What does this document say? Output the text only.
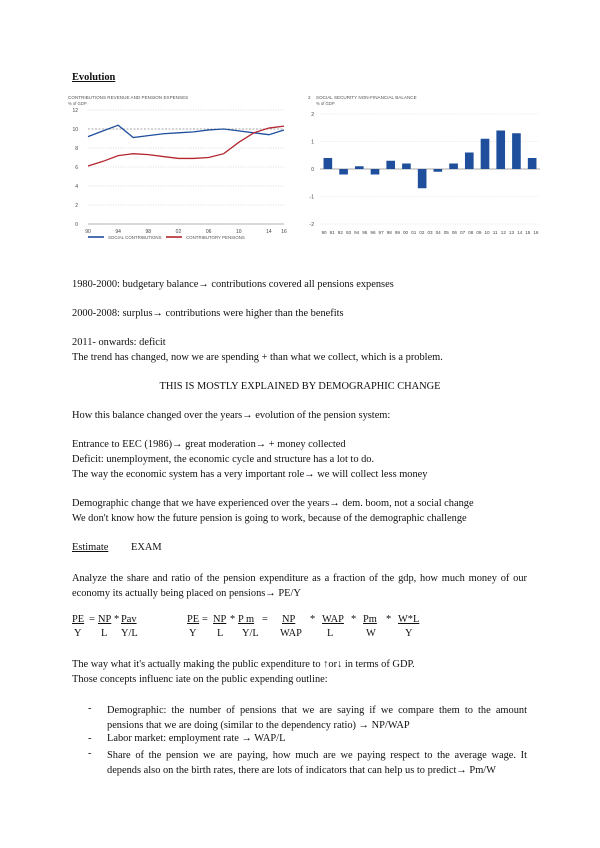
Evolution
CONTRIBUTIONS REVENUE AND PENSION EXPENSES
% of GDP
0
2
4
6
8
10
12
90	94	98	02	06	10	14 16
SOCIAL CONTRIBUTIONS	CONTRIBUTORY PENSIONS
2 SOCIAL SECURITY NON-FINANCIAL BALANCE
% of GDP
2
1
0
-1
-2
90 91 92 93 94 95 96 97 98 99 00 01 02 03 04 05 06 07 08 09 10 11 12 13 14 15 16
1980-2000: budgetary balance→ contributions covered all pensions expenses
2000-2008: surplus→ contributions were higher than the benefits
2011- onwards: deficit
The trend has changed, now we are spending + than what we collect, which is a problem.
THIS IS MOSTLY EXPLAINED BY DEMOGRAPHIC CHANGE
How this balance changed over the years→ evolution of the pension system:
Entrance to EEC (1986)→ great moderation→ + money collected
Deficit: unemployment, the economic cycle and structure has a lot to do.
The way the economic system has a very important role→ we will collect less money
Demographic change that we have experienced over the years→ dem. boom, not a social change
We don't know how the future pension is going to work, because of the demographic challenge
Estimate EXAM
Analyze the share and ratio of the pension expenditure as a fraction of the gdp, how much money of our economy its actually being placed on pensions→ PE/Y
PE = NP * Pav
Y L Y/L
PE = NP * P m = NP * WAP * Pm * W*L
Y L Y/L WAP L	W	Y
The way what it's actually making the public expenditure to ↑or↓ in terms of GDP.
Those concepts influenc iate on the public expending outline:
- Demographic: the number of pensions that we are saying if we compare them to the amount pensions that we are doing (similar to the dependency ratio) → NP/WAP
- Labor market: employment rate → WAP/L
- Share of the pension we are paying, how much are we paying respect to the average wage. It depends also on the birth rates, there are lots of indicators that can help us to predict→ Pm/W
